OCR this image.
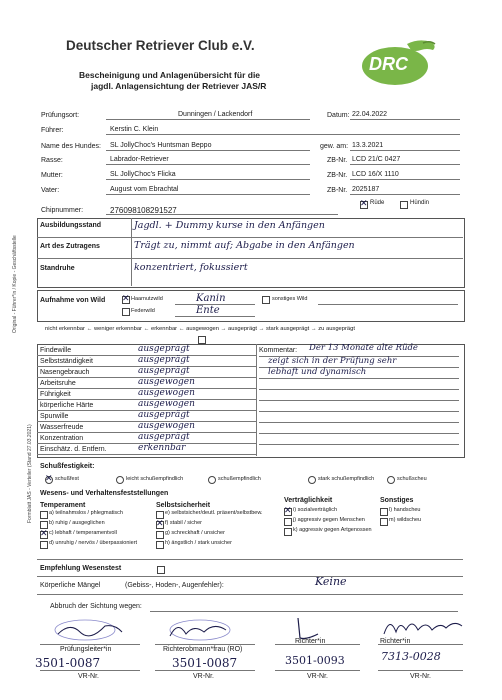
Original - Führer*in / Kopie - Geschäftsstelle
Formblatt JAS - Verteiler (Stand 27.03.2021)
Deutscher Retriever Club e.V.
Bescheinigung und Anlagenübersicht für die
jagdl. Anlagensichtung der Retriever JAS/R
DRC
Prüfungsort:	Dunningen / Lackendorf	Datum: 22.04.2022
Führer:	Kerstin C. Klein
Name des Hundes: SL JollyChoc's Huntsman Beppo	gew. am: 13.3.2021
Rasse:	Labrador-Retriever	ZB-Nr. LCD 21/C 0427
Mutter:	SL JollyChoc's Flicka	ZB-Nr. LCD 16/X 1110
Vater:	August vom Ebrachtal	ZB-Nr. 2025187
Chipnummer:	276098108291527
✕
Rüde	Hündin
Ausbildungsstand	Jagdl. + Dummy kurse in den Anfängen
Art des Zutragens	Trägt zu, nimmt auf; Abgabe in den Anfängen
Standruhe	konzentriert, fokussiert
Aufnahme von Wild
✕	Haarnutzwild	Kanin
Federwild	Ente
sonstiges Wild
nicht erkennbar ← weniger erkennbar ← erkennbar ← ausgewogen → ausgeprägt → stark ausgeprägt → zu ausgeprägt
Findewille	ausgeprägt
Selbstständigkeit	ausgeprägt
Nasengebrauch	ausgeprägt
Arbeitsruhe	ausgewogen
Führigkeit	ausgewogen
körperliche Härte	ausgewogen
Spurwille	ausgeprägt
Wasserfreude	ausgewogen
Konzentration	ausgeprägt
Einschätz. d. Entfern.	erkennbar
Kommentar: Der 13 Monate alte Rüde
zeigt sich in der Prüfung sehr
lebhaft und dynamisch
Schußfestigkeit:
✕
schußfest	leicht schußempfindlich	schußempfindlich	stark schußempfindlich	schußscheu
Wesens- und Verhaltensfeststellungen
Temperament	Selbstsicherheit
Verträglichkeit	Sonstiges
a) teilnahmslos / phlegmatisch
b) ruhig / ausgeglichen
✕
c) lebhaft / temperamentvoll
d) unruhig / nervös / überpassioniert
e) selbstsicher/deutl. präsent/selbstbew.
✕
f) stabil / sicher
g) schreckhaft / unsicher
h) ängstlich / stark unsicher
✕
i) sozialverträglich
j) aggressiv gegen Menschen
k) aggressiv gegen Artgenossen
l) handscheu
m) wildscheu
Empfehlung Wesenstest
Körperliche Mängel	(Gebiss-, Hoden-, Augenfehler):	Keine
Abbruch der Sichtung wegen:
Prüfungsleiter*in	Richterobmann*frau (RO)
Richter*in	Richter*in
3501-0087	3501-0087	3501-0093	7313-0028
VR-Nr.	VR-Nr.	VR-Nr.	VR-Nr.
